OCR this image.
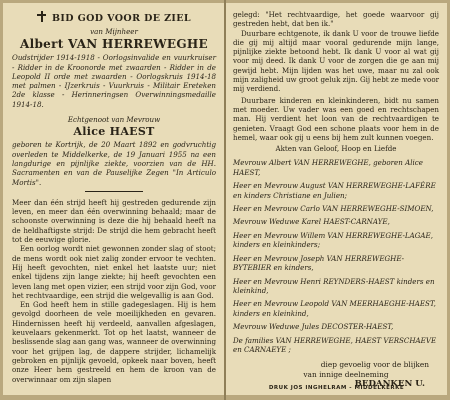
BID GOD VOOR DE ZIEL

van Mijnheer

Albert VAN HERREWEGHE

Oudstrijder 1914-1918 - Oorlogsinvalide en vuurkruiser - Ridder in de Kroonorde met zwaarden - Ridder in de Leopold II orde met zwaarden - Oorlogskruis 1914-18 met palmen - IJzerkruis - Vuurkruis - Militair Ereteken 2de klasse - Herinneringsen Overwinningsmedaille 1914-18.

Echtgenoot van Mevrouw

Alice HAEST

geboren te Kortrijk, de 20 Maart 1892 en godvruchtig overleden te Middelkerke, de 19 Januari 1955 na een langdurige en pijnlijke ziekte, voorzien van de HH. Sacramenten en van de Pauselijke Zegen "In Articulo Mortis".

Meer dan één strijd heeft hij gestreden gedurende zijn leven, en meer dan één overwinning behaald; maar de schoonste overwinning is deze die hij behaald heeft na de heldhaftigste strijd: De strijd die hem gebracht heeft tot de eeuwige glorie.

Een oorlog wordt niet gewonnen zonder slag of stoot; de mens wordt ook niet zalig zonder ervoor te vechten. Hij heeft gevochten, niet enkel het laatste uur; niet enkel tijdens zijn lange ziekte; hij heeft gevochten een leven lang met open vizier, een strijd voor zijn God, voor het rechtvaardige, een strijd die welgevallig is aan God.

En God heeft hem in stille gadegeslagen. Hij is hem gevolgd doorheen de vele moeilijkheden en gevaren. Hindernissen heeft hij verdeeld, aanvallen afgeslagen, keuvelaars gekenmerkt. Tot op het laatst, wanneer de beslissende slag aan gang was, wanneer de overwinning voor het grijpen lag, de dappere strijder, lichamelijk gebroken en pijnlijk gevoeld, opkeek naar boven, heeft onze Heer hem gestreeld en hem de kroon van de overwinnaar om zijn slapen

gelegd: "Het rechtvaardige, het goede waarvoor gij gestreden hebt, dat ben ik."

Duurbare echtgenote, ik dank U voor de trouwe liefde die gij mij altijd maar vooral gedurende mijn lange, pijnlijke ziekte betoond hebt. Ik dank U voor al wat gij voor mij deed. Ik dank U voor de zorgen die ge aan mij gewijd hebt. Mijn lijden was het uwe, maar nu zal ook mijn zaligheid uw groot geluk zijn. Gij hebt ze mede voor mij verdiend.

Duurbare kinderen en kleinkinderen, bidt nu samen met moeder. Uw vader was een goed en rechtschapen man. Hij verdient het loon van de rechtvaardigen te genieten. Vraagt God een schone plaats voor hem in de hemel, waar ook gij u eens bij hem zult kunnen voegen.

Akten van Geloof, Hoop en Liefde

Mevrouw Albert VAN HERREWEGHE, geboren Alice HAEST,

Heer en Mevrouw August VAN HERREWEGHE-LAFÈRE en kinders Christiane en Julien;

Heer en Mevrouw Carlo VAN HERREWEGHE-SIMOEN,

Mevrouw Weduwe Karel HAEST-CARNAYE,

Heer en Mevrouw Willem VAN HERREWEGHE-LAGAE, kinders en kleinkinders;

Heer en Mevrouw Joseph VAN HERREWEGHE-BYTEBIER en kinders,

Heer en Mevrouw Henri REYNDERS-HAEST kinders en kleinkind,

Heer en Mevrouw Leopold VAN MEERHAEGHE-HAEST, kinders en kleinkind,

Mevrouw Weduwe Jules DECOSTER-HAEST,

De families VAN HERREWEGHE, HAEST VERSCHAEVE en CARNAEYE ;

diep gevoelig voor de blijken

van innige deelneming

BEDANKEN U.

DRUK JOS INGHELRAM - MIDDELKERKE
